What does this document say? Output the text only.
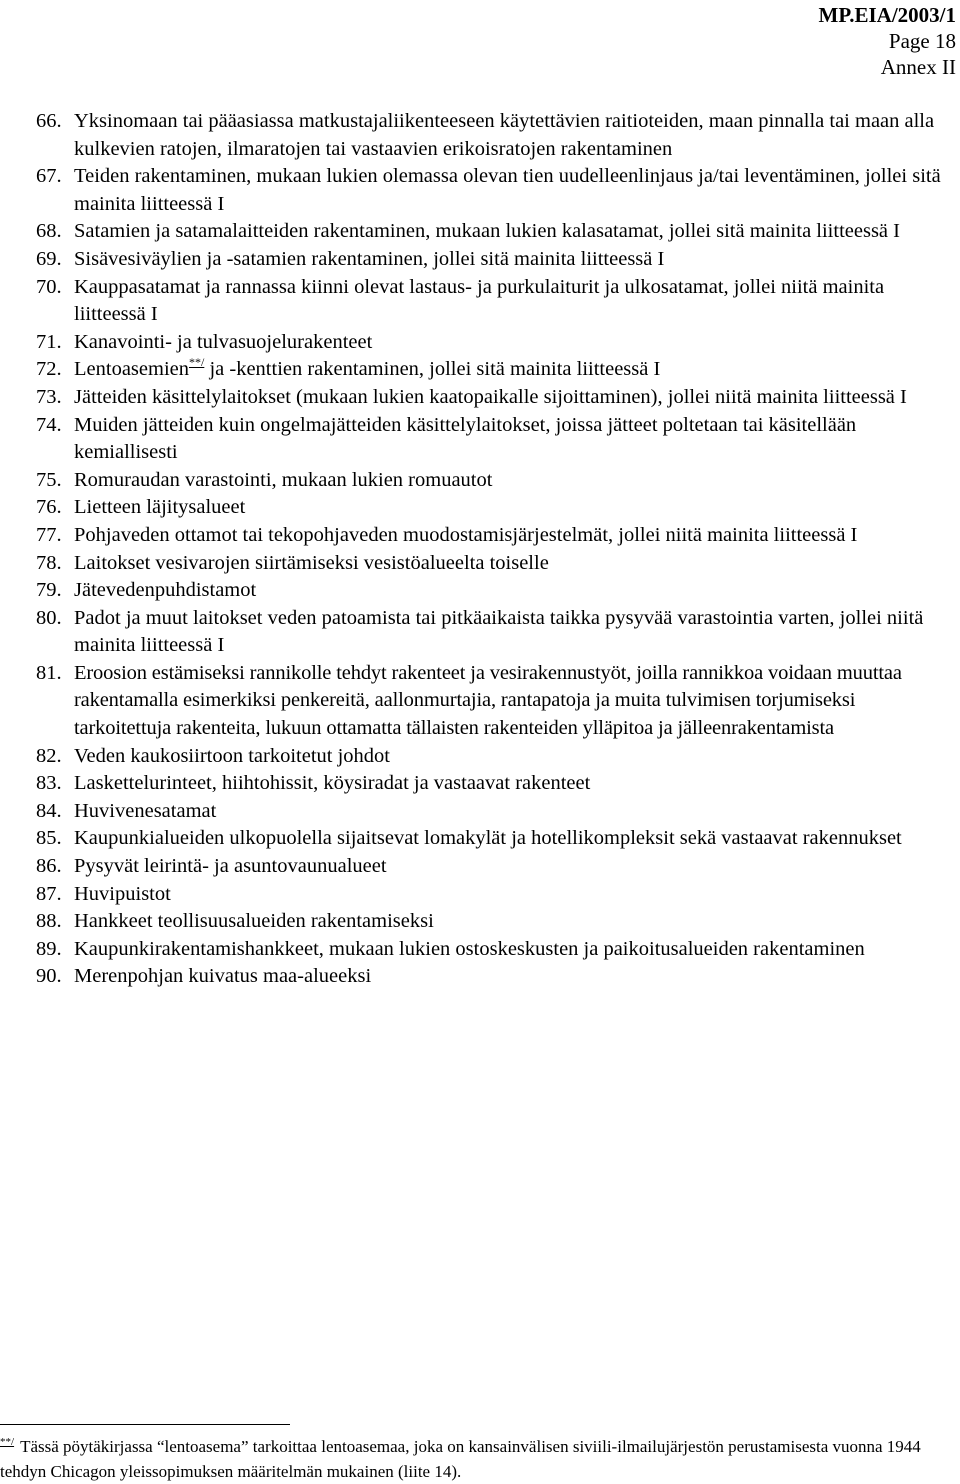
MP.EIA/2003/1
Page 18
Annex II
66. Yksinomaan tai pääasiassa matkustajaliikenteeseen käytettävien raitioteiden, maan pinnalla tai maan alla kulkevien ratojen, ilmaratojen tai vastaavien erikoisratojen rakentaminen
67. Teiden rakentaminen, mukaan lukien olemassa olevan tien uudelleenlinjaus ja/tai leventäminen, jollei sitä mainita liitteessä I
68. Satamien ja satamalaitteiden rakentaminen, mukaan lukien kalasatamat, jollei sitä mainita liitteessä I
69. Sisävesiväylien ja -satamien rakentaminen, jollei sitä mainita liitteessä I
70. Kauppasatamat ja rannassa kiinni olevat lastaus- ja purkulaiturit ja ulkosatamat, jollei niitä mainita liitteessä I
71. Kanavointi- ja tulvasuojelurakenteet
72. Lentoasemien**/ ja -kenttien rakentaminen, jollei sitä mainita liitteessä I
73. Jätteiden käsittelylaitokset (mukaan lukien kaatopaikalle sijoittaminen), jollei niitä mainita liitteessä I
74. Muiden jätteiden kuin ongelmajätteiden käsittelylaitokset, joissa jätteet poltetaan tai käsitellään kemiallisesti
75. Romuraudan varastointi, mukaan lukien romuautot
76. Lietteen läjitysalueet
77. Pohjaveden ottamot tai tekopohjaveden muodostamisjärjestelmät, jollei niitä mainita liitteessä I
78. Laitokset vesivarojen siirtämiseksi vesistöalueelta toiselle
79. Jätevedenpuhdistamot
80. Padot ja muut laitokset veden patoamista tai pitkäaikaista taikka pysyvää varastointia varten, jollei niitä mainita liitteessä I
81. Eroosion estämiseksi rannikolle tehdyt rakenteet ja vesirakennustyöt, joilla rannikkoa voidaan muuttaa rakentamalla esimerkiksi penkereitä, aallonmurtajia, rantapatoja ja muita tulvimisen torjumiseksi tarkoitettuja rakenteita, lukuun ottamatta tällaisten rakenteiden ylläpitoa ja jälleenrakentamista
82. Veden kaukosiirtoon tarkoitetut johdot
83. Laskettelurinteet, hiihtohissit, köysiradat ja vastaavat rakenteet
84. Huvivenesatamat
85. Kaupunkialueiden ulkopuolella sijaitsevat lomakylät ja hotellikompleksit sekä vastaavat rakennukset
86. Pysyvät leirintä- ja asuntovaunualueet
87. Huvipuistot
88. Hankkeet teollisuusalueiden rakentamiseksi
89. Kaupunkirakentamishankkeet, mukaan lukien ostoskeskusten ja paikoitusalueiden rakentaminen
90. Merenpohjan kuivatus maa-alueeksi
**/ Tässä pöytäkirjassa “lentoasema” tarkoittaa lentoasemaa, joka on kansainvälisen siviili-ilmailujärjestön perustamisesta vuonna 1944 tehdyn Chicagon yleissopimuksen määritelmän mukainen (liite 14).
